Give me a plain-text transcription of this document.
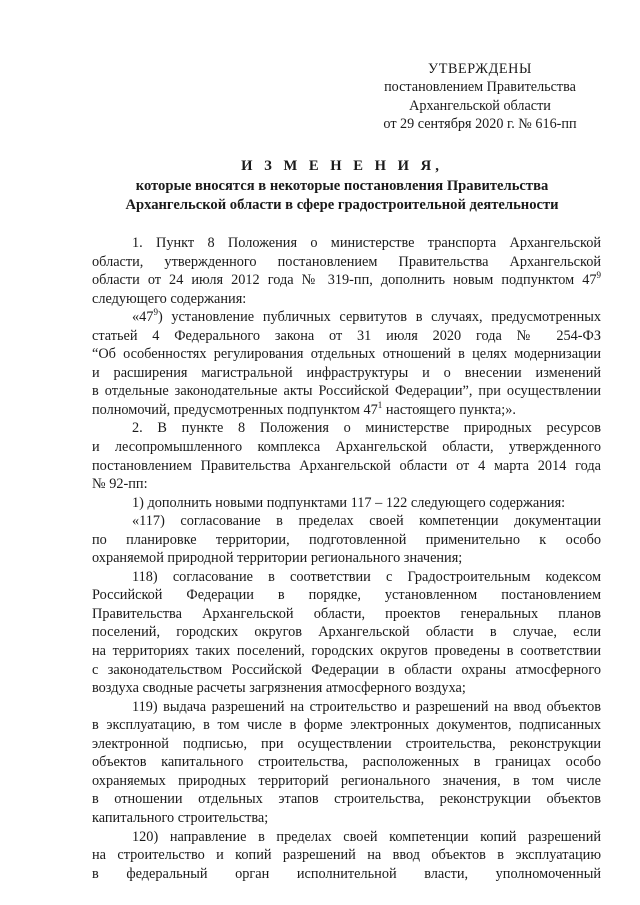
УТВЕРЖДЕНЫ
постановлением Правительства
Архангельской области
от 29 сентября 2020 г. № 616-пп
И З М Е Н Е Н И Я,
которые вносятся в некоторые постановления Правительства
Архангельской области в сфере градостроительной деятельности
1. Пункт 8 Положения о министерстве транспорта Архангельской
области, утвержденного постановлением Правительства Архангельской
области от 24 июля 2012 года № 319-пп, дополнить новым подпунктом $47^9$
следующего содержания:
«$47^9$) установление публичных сервитутов в случаях, предусмотренных
статьей 4 Федерального закона от 31 июля 2020 года № 254-ФЗ
“Об особенностях регулирования отдельных отношений в целях модернизации
и расширения магистральной инфраструктуры и о внесении изменений
в отдельные законодательные акты Российской Федерации”, при осуществлении
полномочий, предусмотренных подпунктом $47^1$ настоящего пункта;».
2. В пункте 8 Положения о министерстве природных ресурсов
и лесопромышленного комплекса Архангельской области, утвержденного
постановлением Правительства Архангельской области от 4 марта 2014 года
№ 92-пп:
1) дополнить новыми подпунктами 117 – 122 следующего содержания:
«117) согласование в пределах своей компетенции документации
по планировке территории, подготовленной применительно к особо
охраняемой природной территории регионального значения;
118) согласование в соответствии с Градостроительным кодексом
Российской Федерации в порядке, установленном постановлением
Правительства Архангельской области, проектов генеральных планов
поселений, городских округов Архангельской области в случае, если
на территориях таких поселений, городских округов проведены в соответствии
с законодательством Российской Федерации в области охраны атмосферного
воздуха сводные расчеты загрязнения атмосферного воздуха;
119) выдача разрешений на строительство и разрешений на ввод объектов
в эксплуатацию, в том числе в форме электронных документов, подписанных
электронной подписью, при осуществлении строительства, реконструкции
объектов капитального строительства, расположенных в границах особо
охраняемых природных территорий регионального значения, в том числе
в отношении отдельных этапов строительства, реконструкции объектов
капитального строительства;
120) направление в пределах своей компетенции копий разрешений
на строительство и копий разрешений на ввод объектов в эксплуатацию
в федеральный орган исполнительной власти, уполномоченный
